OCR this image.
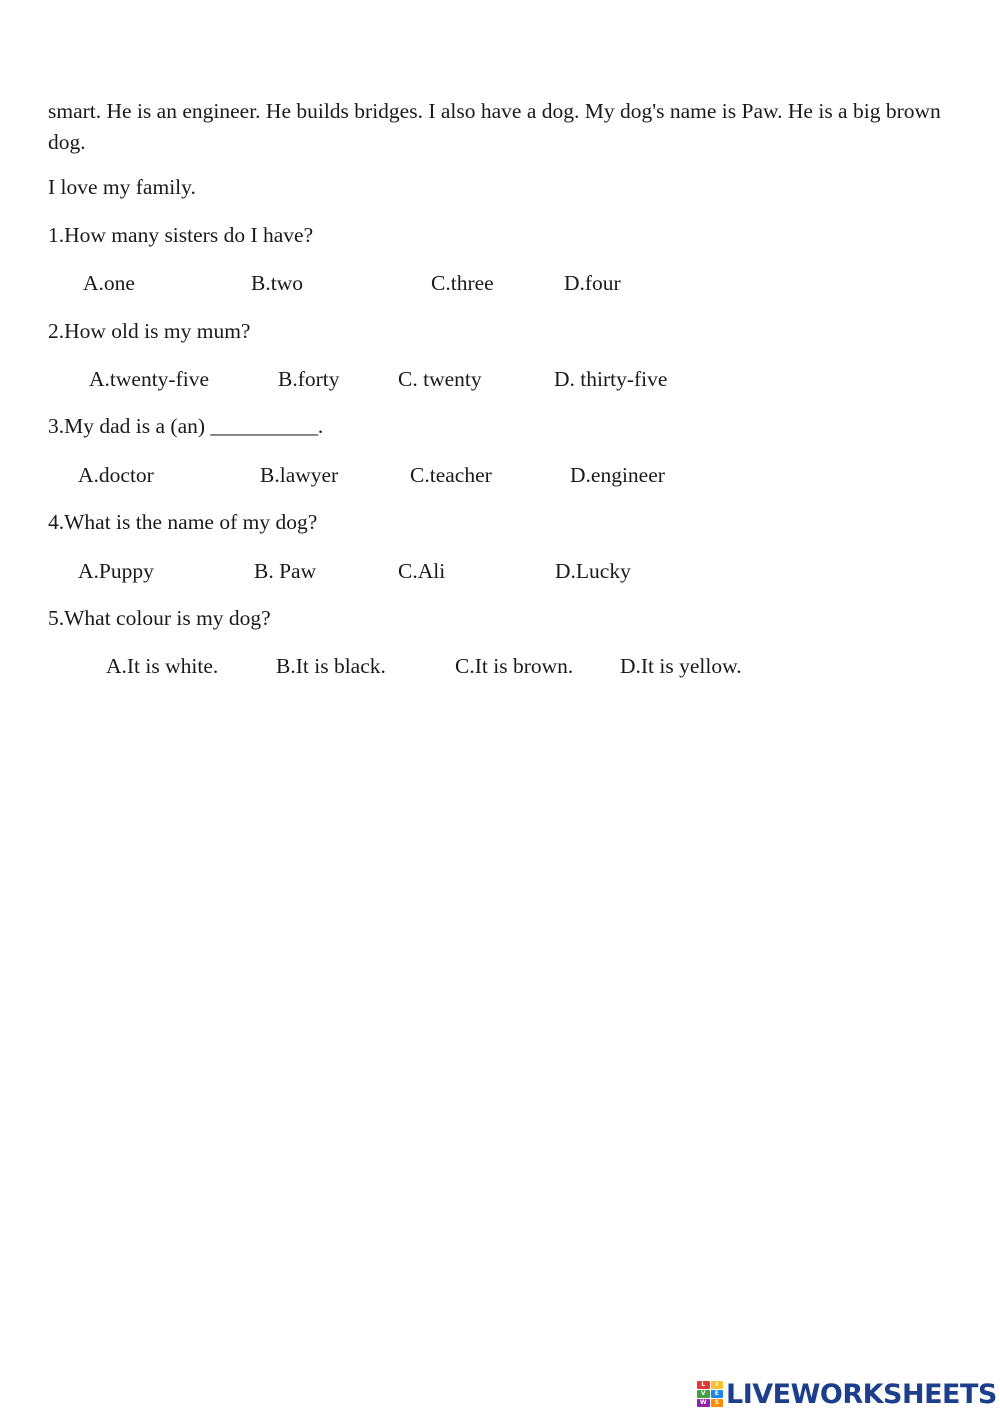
smart. He is an engineer. He builds bridges. I also have a dog. My dog's name is Paw. He is a big brown dog.
I love my family.
1.How many sisters do I have?
A.one	B.two	C.three	D.four
2.How old is my mum?
A.twenty-five	B.forty	C. twenty	D. thirty-five
3.My dad is a (an) __________.
A.doctor	B.lawyer	C.teacher	D.engineer
4.What is the name of my dog?
A.Puppy	B. Paw	C.Ali	D.Lucky
5.What colour is my dog?
A.It is white.	B.It is black.	C.It is brown. D.It is yellow.
L	I
V	E
W	S LIVEWORKSHEETS
